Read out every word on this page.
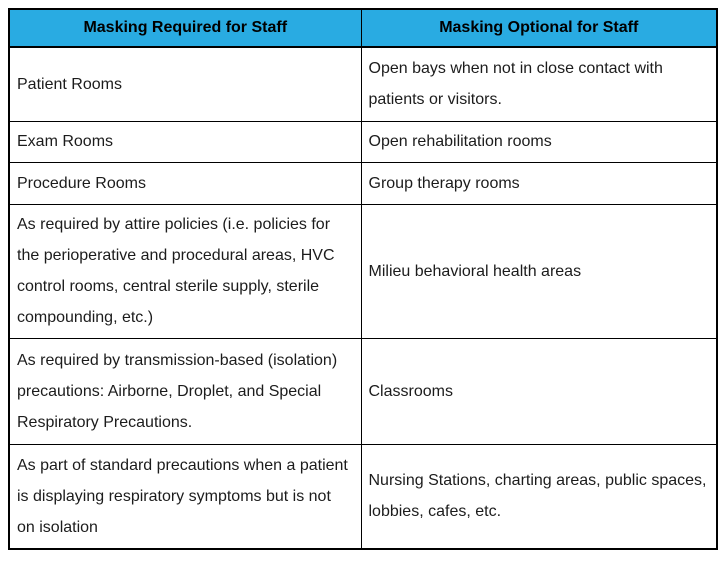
Masking Required for Staff	Masking Optional for Staff
Patient Rooms	Open bays when not in close contact with patients or visitors.
Exam Rooms	Open rehabilitation rooms
Procedure Rooms	Group therapy rooms
As required by attire policies (i.e. policies for the perioperative and procedural areas, HVC control rooms, central sterile supply, sterile compounding, etc.)	Milieu behavioral health areas
As required by transmission-based (isolation) precautions: Airborne, Droplet, and Special Respiratory Precautions.	Classrooms
As part of standard precautions when a patient is displaying respiratory symptoms but is not on isolation	Nursing Stations, charting areas, public spaces, lobbies, cafes, etc.
